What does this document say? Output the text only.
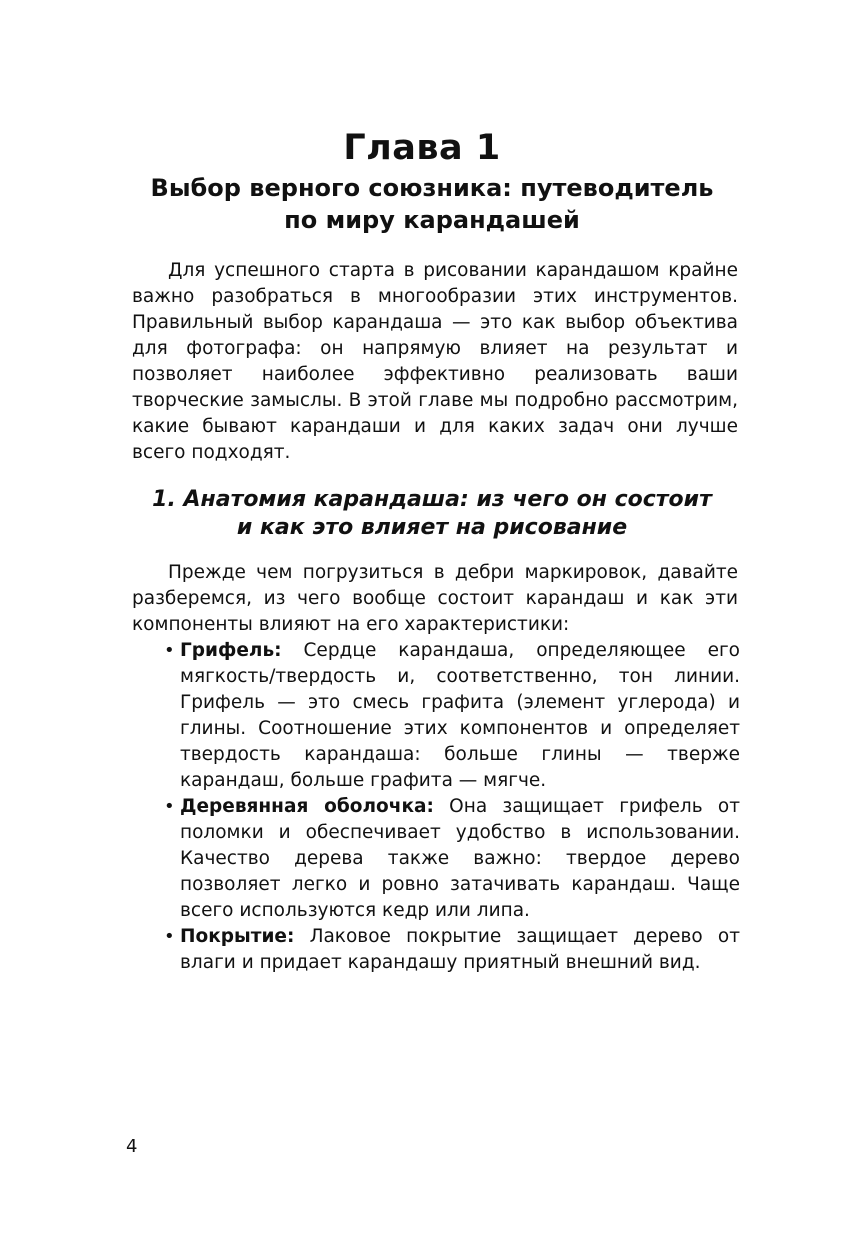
Глава 1
Выбор верного союзника: путеводитель
по миру карандашей

Для успешного старта в рисовании карандашом крайне важно разобраться в многообразии этих инструментов. Правильный выбор карандаша — это как выбор объектива для фотографа: он напрямую влияет на результат и позволяет наиболее эффективно реализовать ваши творческие замыслы. В этой главе мы подробно рассмотрим, какие бывают карандаши и для каких задач они лучше всего подходят.

1. Анатомия карандаша: из чего он состоит
и как это влияет на рисование

Прежде чем погрузиться в дебри маркировок, давайте разберемся, из чего вообще состоит карандаш и как эти компоненты влияют на его характеристики:

• Грифель: Сердце карандаша, определяющее его мягкость/твердость и, соответственно, тон линии. Грифель — это смесь графита (элемент углерода) и глины. Соотношение этих компонентов и определяет твердость карандаша: больше глины — тверже карандаш, больше графита — мягче.
• Деревянная оболочка: Она защищает грифель от поломки и обеспечивает удобство в использовании. Качество дерева также важно: твердое дерево позволяет легко и ровно затачивать карандаш. Чаще всего используются кедр или липа.
• Покрытие: Лаковое покрытие защищает дерево от влаги и придает карандашу приятный внешний вид.
4
